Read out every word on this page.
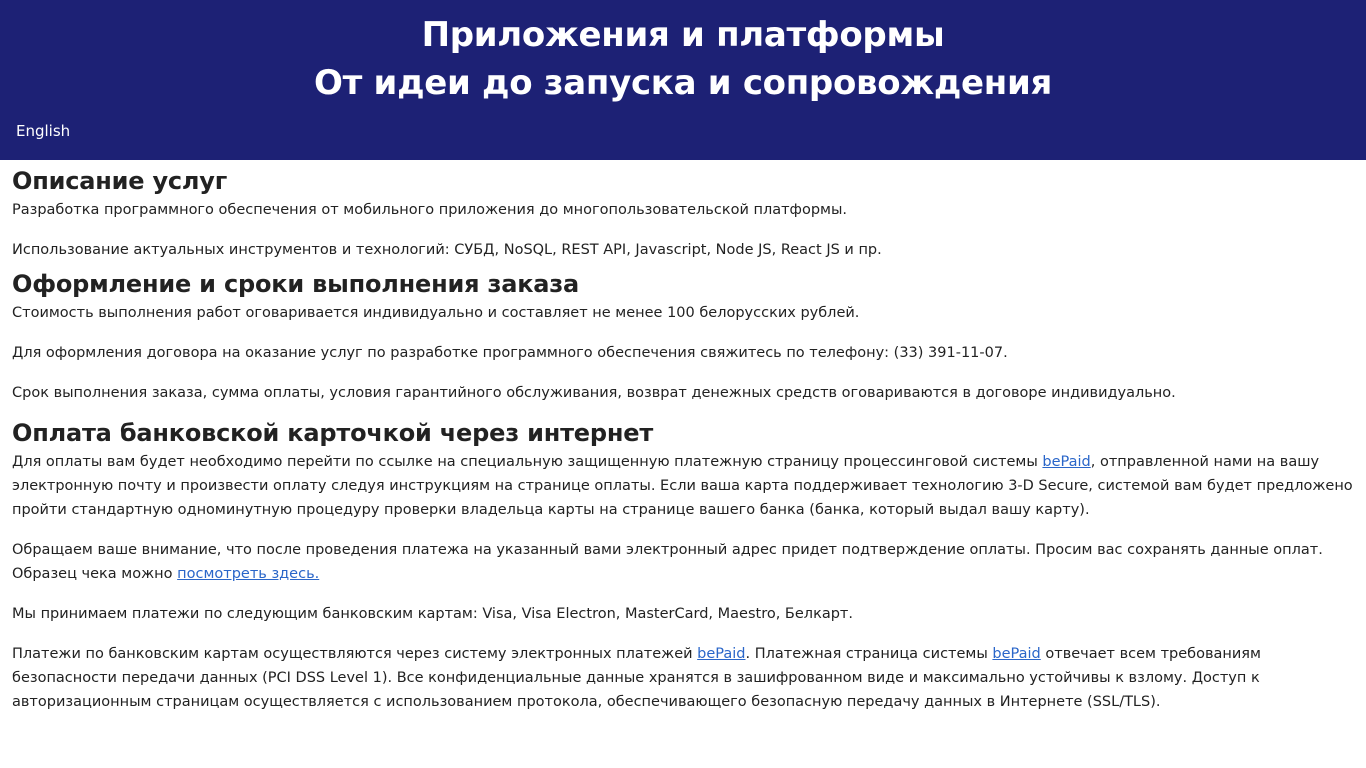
Приложения и платформы
От идеи до запуска и сопровождения
English
Описание услуг

Разработка программного обеспечения от мобильного приложения до многопользовательской платформы.

Использование актуальных инструментов и технологий: СУБД, NoSQL, REST API, Javascript, Node JS, React JS и пр.

Оформление и сроки выполнения заказа

Стоимость выполнения работ оговаривается индивидуально и составляет не менее 100 белорусских рублей.

Для оформления договора на оказание услуг по разработке программного обеспечения свяжитесь по телефону: (33) 391-11-07.

Срок выполнения заказа, сумма оплаты, условия гарантийного обслуживания, возврат денежных средств оговариваются в договоре индивидуально.

Оплата банковской карточкой через интернет

Для оплаты вам будет необходимо перейти по ссылке на специальную защищенную платежную страницу процессинговой системы bePaid, отправленной нами на вашу электронную почту и произвести оплату следуя инструкциям на странице оплаты. Если ваша карта поддерживает технологию 3-D Secure, системой вам будет предложено пройти стандартную одноминутную процедуру проверки владельца карты на странице вашего банка (банка, который выдал вашу карту).

Обращаем ваше внимание, что после проведения платежа на указанный вами электронный адрес придет подтверждение оплаты. Просим вас сохранять данные оплат. Образец чека можно посмотреть здесь.

Мы принимаем платежи по следующим банковским картам: Visa, Visa Electron, MasterCard, Maestro, Белкарт.

Платежи по банковским картам осуществляются через систему электронных платежей bePaid. Платежная страница системы bePaid отвечает всем требованиям безопасности передачи данных (PCI DSS Level 1). Все конфиденциальные данные хранятся в зашифрованном виде и максимально устойчивы к взлому. Доступ к авторизационным страницам осуществляется с использованием протокола, обеспечивающего безопасную передачу данных в Интернете (SSL/TLS).
